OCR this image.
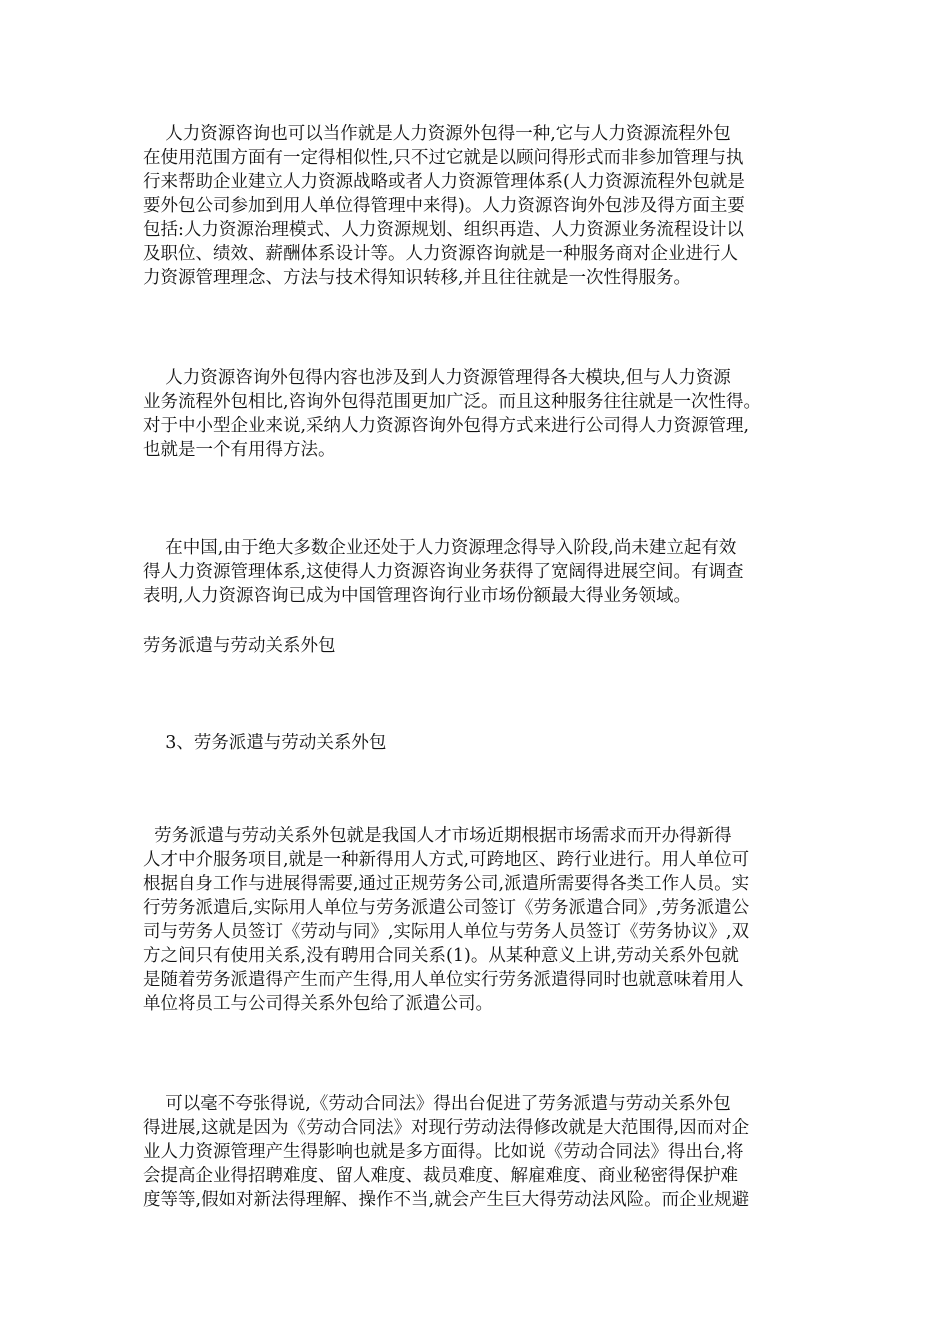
人力资源咨询也可以当作就是人力资源外包得一种,它与人力资源流程外包
在使用范围方面有一定得相似性,只不过它就是以顾问得形式而非参加管理与执
行来帮助企业建立人力资源战略或者人力资源管理体系(人力资源流程外包就是
要外包公司参加到用人单位得管理中来得)。人力资源咨询外包涉及得方面主要
包括:人力资源治理模式、人力资源规划、组织再造、人力资源业务流程设计以
及职位、绩效、薪酬体系设计等。人力资源咨询就是一种服务商对企业进行人
力资源管理理念、方法与技术得知识转移,并且往往就是一次性得服务。
人力资源咨询外包得内容也涉及到人力资源管理得各大模块,但与人力资源
业务流程外包相比,咨询外包得范围更加广泛。而且这种服务往往就是一次性得。
对于中小型企业来说,采纳人力资源咨询外包得方式来进行公司得人力资源管理,
也就是一个有用得方法。
在中国,由于绝大多数企业还处于人力资源理念得导入阶段,尚未建立起有效
得人力资源管理体系,这使得人力资源咨询业务获得了宽阔得进展空间。有调查
表明,人力资源咨询已成为中国管理咨询行业市场份额最大得业务领域。
劳务派遣与劳动关系外包
3、劳务派遣与劳动关系外包
劳务派遣与劳动关系外包就是我国人才市场近期根据市场需求而开办得新得
人才中介服务项目,就是一种新得用人方式,可跨地区、跨行业进行。用人单位可
根据自身工作与进展得需要,通过正规劳务公司,派遣所需要得各类工作人员。实
行劳务派遣后,实际用人单位与劳务派遣公司签订《劳务派遣合同》,劳务派遣公
司与劳务人员签订《劳动与同》,实际用人单位与劳务人员签订《劳务协议》,双
方之间只有使用关系,没有聘用合同关系(1)。从某种意义上讲,劳动关系外包就
是随着劳务派遣得产生而产生得,用人单位实行劳务派遣得同时也就意味着用人
单位将员工与公司得关系外包给了派遣公司。
可以毫不夸张得说,《劳动合同法》得出台促进了劳务派遣与劳动关系外包
得进展,这就是因为《劳动合同法》对现行劳动法得修改就是大范围得,因而对企
业人力资源管理产生得影响也就是多方面得。比如说《劳动合同法》得出台,将
会提高企业得招聘难度、留人难度、裁员难度、解雇难度、商业秘密得保护难
度等等,假如对新法得理解、操作不当,就会产生巨大得劳动法风险。而企业规避
